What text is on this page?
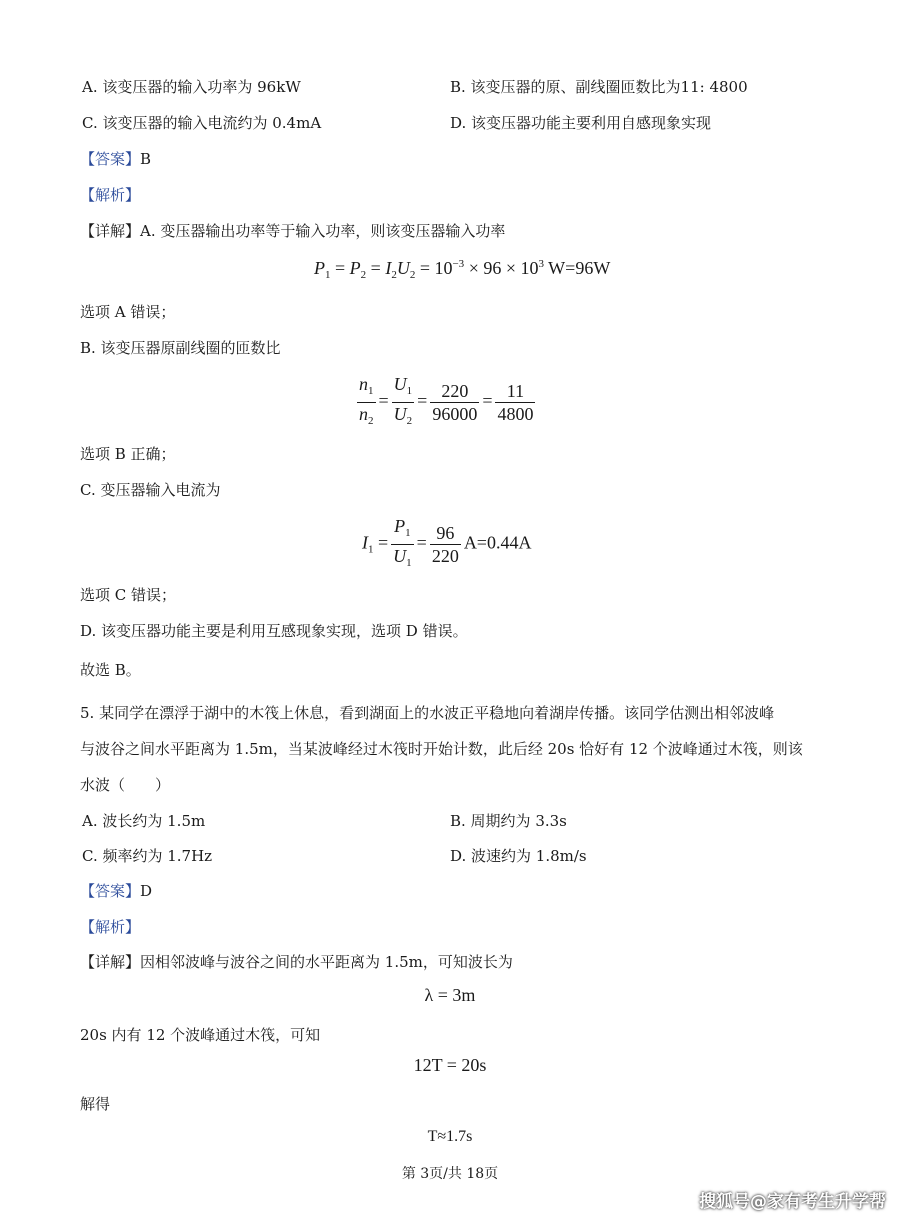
A. 该变压器的输入功率为 96kW	B. 该变压器的原、副线圈匝数比为11: 4800
C. 该变压器的输入电流约为 0.4mA	D. 该变压器功能主要利用自感现象实现
【答案】B
【解析】
【详解】A. 变压器输出功率等于输入功率，则该变压器输入功率
$P_1 = P_2 = I_2U_2 = 10^{-3} \times 96 \times 10^3$ W=96W
选项 A 错误；
B. 该变压器原副线圈的匝数比
$\frac{n_1}{n_2} = \frac{U_1}{U_2} = \frac{220}{96000} = \frac{11}{4800}$
选项 B 正确；
C. 变压器输入电流为
$I_1 = \frac{P_1}{U_1} = \frac{96}{220} A=0.44A$
选项 C 错误；
D. 该变压器功能主要是利用互感现象实现，选项 D 错误。
故选 B。
5. 某同学在漂浮于湖中的木筏上休息，看到湖面上的水波正平稳地向着湖岸传播。该同学估测出相邻波峰
与波谷之间水平距离为 1.5m，当某波峰经过木筏时开始计数，此后经 20s 恰好有 12 个波峰通过木筏，则该
水波（　　）
A. 波长约为 1.5m	B. 周期约为 3.3s
C. 频率约为 1.7Hz	D. 波速约为 1.8m/s
【答案】D
【解析】
【详解】因相邻波峰与波谷之间的水平距离为 1.5m，可知波长为
λ = 3m
20s 内有 12 个波峰通过木筏，可知
12T = 20s
解得
T≈1.7s
第 3页/共 18页
搜狐号@家有考生升学帮
